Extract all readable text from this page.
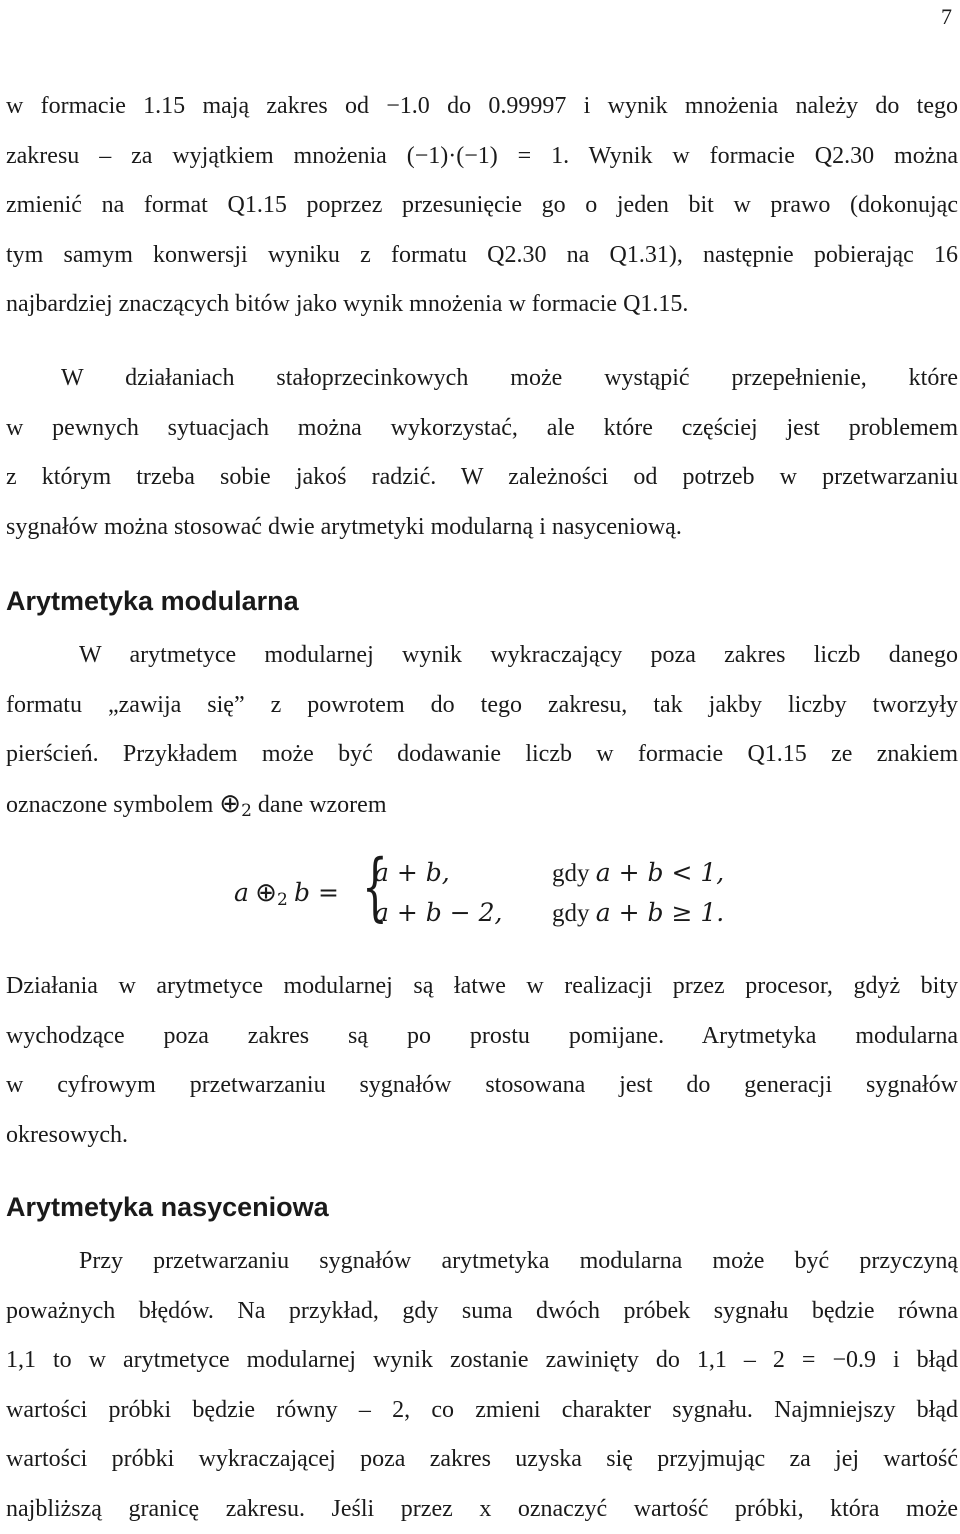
7
w formacie 1.15 mają zakres od −1.0 do 0.99997 i wynik mnożenia należy do tego
zakresu – za wyjątkiem mnożenia (−1)·(−1) = 1. Wynik w formacie Q2.30 można
zmienić na format Q1.15 poprzez przesunięcie go o jeden bit w prawo (dokonując
tym samym konwersji wyniku z formatu Q2.30 na Q1.31), następnie pobierając 16
najbardziej znaczących bitów jako wynik mnożenia w formacie Q1.15.
W działaniach stałoprzecinkowych może wystąpić przepełnienie, które
w pewnych sytuacjach można wykorzystać, ale które częściej jest problemem
z którym trzeba sobie jakoś radzić. W zależności od potrzeb w przetwarzaniu
sygnałów można stosować dwie arytmetyki modularną i nasyceniową.
Arytmetyka modularna
W arytmetyce modularnej wynik wykraczający poza zakres liczb danego
formatu „zawija się” z powrotem do tego zakresu, tak jakby liczby tworzyły
pierścień. Przykładem może być dodawanie liczb w formacie Q1.15 ze znakiem
oznaczone symbolem $\oplus_2$ dane wzorem
a $\oplus_2$ b = {
a + b,	gdy a + b < 1,
a + b − 2, gdy a + b ≥ 1.
Działania w arytmetyce modularnej są łatwe w realizacji przez procesor, gdyż bity
wychodzące poza zakres są po prostu pomijane. Arytmetyka modularna
w cyfrowym przetwarzaniu sygnałów stosowana jest do generacji sygnałów
okresowych.
Arytmetyka nasyceniowa
Przy przetwarzaniu sygnałów arytmetyka modularna może być przyczyną
poważnych błędów. Na przykład, gdy suma dwóch próbek sygnału będzie równa
1,1 to w arytmetyce modularnej wynik zostanie zawinięty do 1,1 – 2 = −0.9 i błąd
wartości próbki będzie równy – 2, co zmieni charakter sygnału. Najmniejszy błąd
wartości próbki wykraczającej poza zakres uzyska się przyjmując za jej wartość
najbliższą granicę zakresu. Jeśli przez x oznaczyć wartość próbki, która może
